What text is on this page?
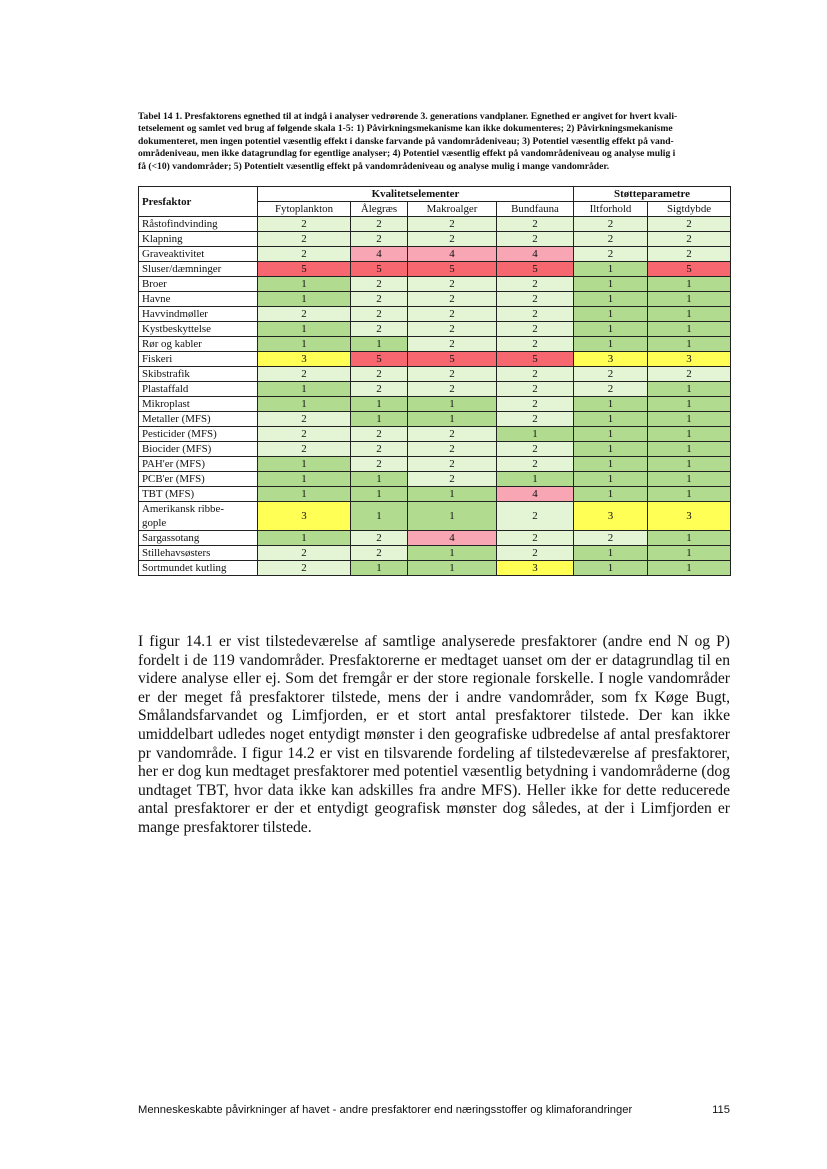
Tabel 14 1. Presfaktorens egnethed til at indgå i analyser vedrørende 3. generations vandplaner. Egnethed er angivet for hvert kvali-
tetselement og samlet ved brug af følgende skala 1-5: 1) Påvirkningsmekanisme kan ikke dokumenteres; 2) Påvirkningsmekanisme
dokumenteret, men ingen potentiel væsentlig effekt i danske farvande på vandområdeniveau; 3) Potentiel væsentlig effekt på vand-
områdeniveau, men ikke datagrundlag for egentlige analyser; 4) Potentiel væsentlig effekt på vandområdeniveau og analyse mulig i
få (<10) vandområder; 5) Potentielt væsentlig effekt på vandområdeniveau og analyse mulig i mange vandområder.
Presfaktor	Kvalitetselementer				Støtteparametre	
	Fytoplankton	Ålegræs	Makroalger	Bundfauna	Iltforhold	Sigtdybde
Råstofindvinding	2	2	2	2	2	2
Klapning	2	2	2	2	2	2
Graveaktivitet	2	4	4	4	2	2
Sluser/dæmninger	5	5	5	5	1	5
Broer	1	2	2	2	1	1
Havne	1	2	2	2	1	1
Havvindmøller	2	2	2	2	1	1
Kystbeskyttelse	1	2	2	2	1	1
Rør og kabler	1	1	2	2	1	1
Fiskeri	3	5	5	5	3	3
Skibstrafik	2	2	2	2	2	2
Plastaffald	1	2	2	2	2	1
Mikroplast	1	1	1	2	1	1
Metaller (MFS)	2	1	1	2	1	1
Pesticider (MFS)	2	2	2	1	1	1
Biocider (MFS)	2	2	2	2	1	1
PAH'er (MFS)	1	2	2	2	1	1
PCB'er (MFS)	1	1	2	1	1	1
TBT (MFS)	1	1	1	4	1	1
Amerikansk ribbe-
gople	3	1	1	2	3	3
Sargassotang	1	2	4	2	2	1
Stillehavsøsters	2	2	1	2	1	1
Sortmundet kutling	2	1	1	3	1	1
I figur 14.1 er vist tilstedeværelse af samtlige analyserede presfaktorer (andre end N og P) fordelt i de 119 vandområder. Presfaktorerne er medtaget uanset om der er datagrundlag til en videre analyse eller ej. Som det fremgår er der store regionale forskelle. I nogle vandområder er der meget få presfaktorer tilstede, mens der i andre vandområder, som fx Køge Bugt, Smålandsfarvandet og Limfjorden, er et stort antal presfaktorer tilstede. Der kan ikke umiddelbart udledes noget entydigt mønster i den geografiske udbredelse af antal presfaktorer pr vandområde. I figur 14.2 er vist en tilsvarende fordeling af tilstedeværelse af presfaktorer, her er dog kun medtaget presfaktorer med potentiel væsentlig betydning i vandområderne (dog undtaget TBT, hvor data ikke kan adskilles fra andre MFS). Heller ikke for dette reducerede antal presfaktorer er der et entydigt geografisk mønster dog således, at der i Limfjorden er mange presfaktorer tilstede.
Menneskeskabte påvirkninger af havet - andre presfaktorer end næringsstoffer og klimaforandringer	115
